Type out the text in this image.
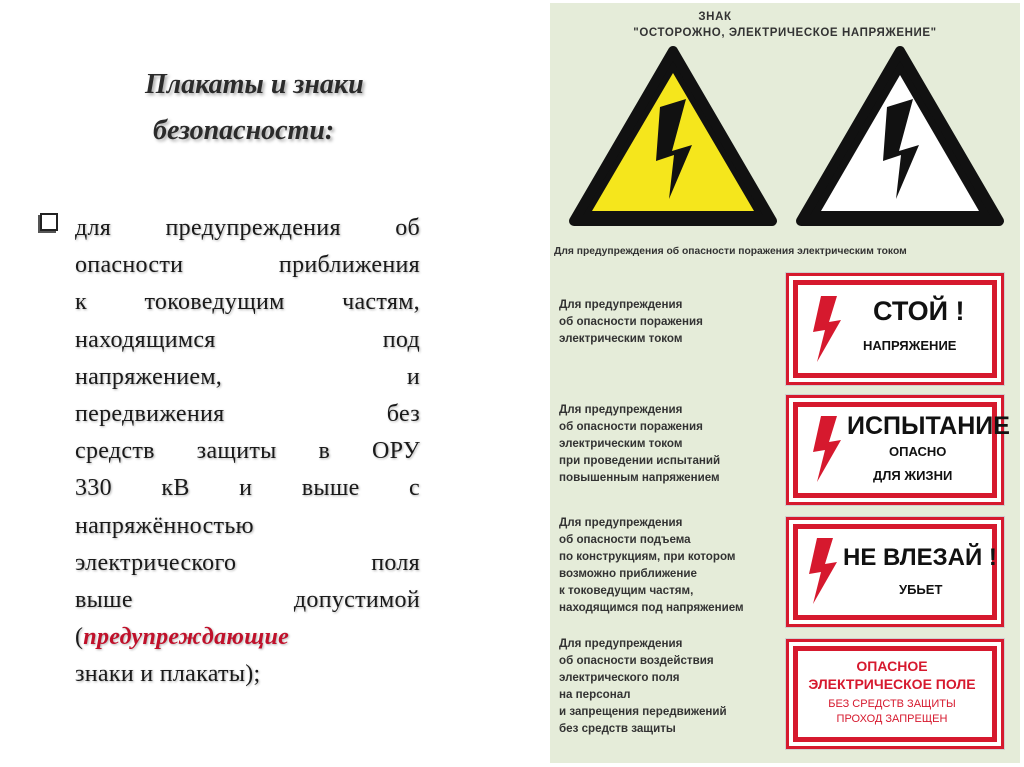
Плакаты и знаки
безопасности:
для предупреждения об
опасности приближения
к токоведущим частям,
находящимся под
напряжением, и
передвижения без
средств защиты в ОРУ
330 кВ и выше с
напряжённостью
электрического поля
выше допустимой
(предупреждающие
знаки и плакаты);
ЗНАК
"ОСТОРОЖНО, ЭЛЕКТРИЧЕСКОЕ НАПРЯЖЕНИЕ"
Для предупреждения об опасности поражения электрическим током
Для предупреждения
об опасности поражения
электрическим током
СТОЙ !
НАПРЯЖЕНИЕ
Для предупреждения
об опасности поражения
электрическим током
при проведении испытаний
повышенным напряжением
ИСПЫТАНИЕ
ОПАСНО
ДЛЯ ЖИЗНИ
Для предупреждения
об опасности подъема
по конструкциям, при котором
возможно приближение
к токоведущим частям,
находящимся под напряжением
НЕ ВЛЕЗАЙ !
УБЬЕТ
Для предупреждения
об опасности воздействия
электрического поля
на персонал
и запрещения передвижений
без средств защиты
ОПАСНОЕ
ЭЛЕКТРИЧЕСКОЕ ПОЛЕ
БЕЗ СРЕДСТВ ЗАЩИТЫ
ПРОХОД ЗАПРЕЩЕН
